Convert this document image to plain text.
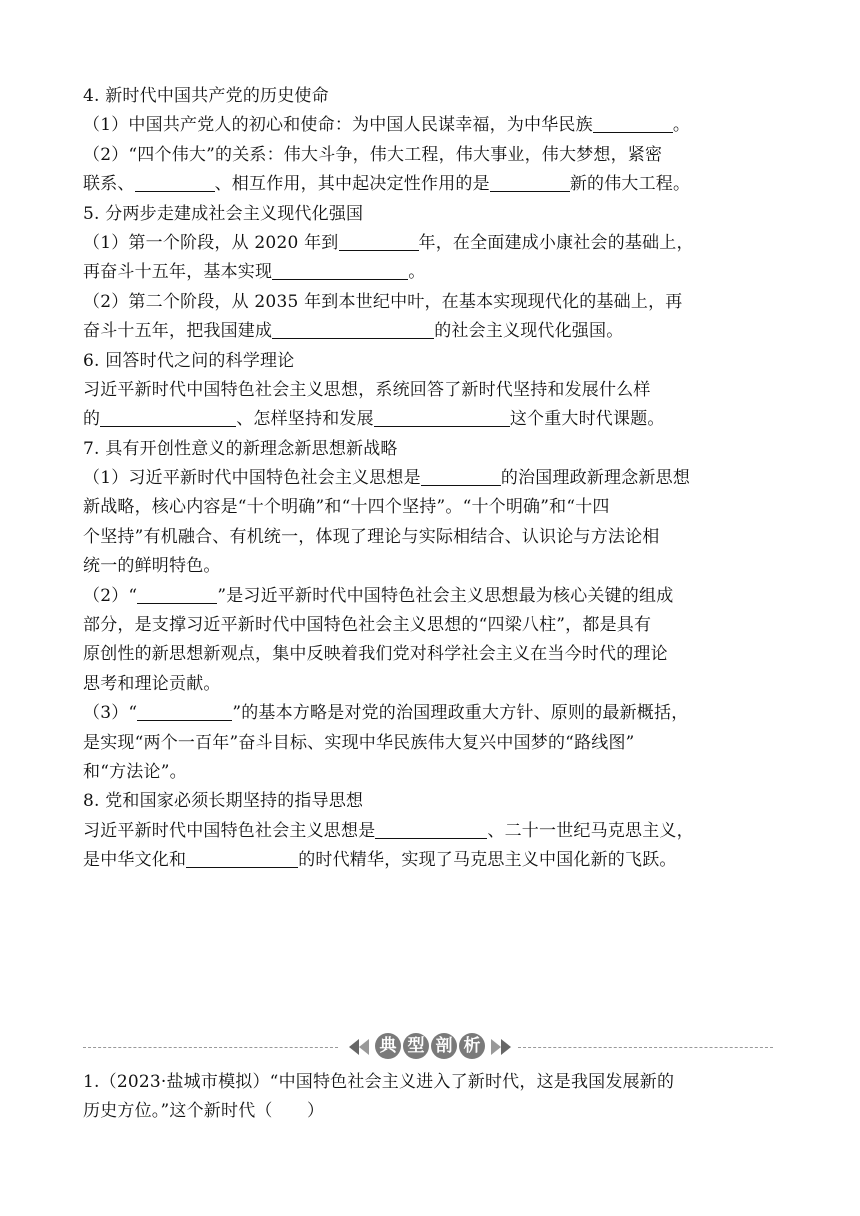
4. 新时代中国共产党的历史使命
（1）中国共产党人的初心和使命：为中国人民谋幸福，为中华民族	。
（2）“四个伟大”的关系：伟大斗争，伟大工程，伟大事业，伟大梦想，紧密
联系、	、相互作用，其中起决定性作用的是	新的伟大工程。
5. 分两步走建成社会主义现代化强国
（1）第一个阶段，从 2020 年到	年，在全面建成小康社会的基础上，
再奋斗十五年，基本实现	。
（2）第二个阶段，从 2035 年到本世纪中叶，在基本实现现代化的基础上，再
奋斗十五年，把我国建成	的社会主义现代化强国。
6. 回答时代之问的科学理论
习近平新时代中国特色社会主义思想，系统回答了新时代坚持和发展什么样
的	、怎样坚持和发展	这个重大时代课题。
7. 具有开创性意义的新理念新思想新战略
（1）习近平新时代中国特色社会主义思想是	的治国理政新理念新思想
新战略，核心内容是“十个明确”和“十四个坚持”。“十个明确”和“十四
个坚持”有机融合、有机统一，体现了理论与实际相结合、认识论与方法论相
统一的鲜明特色。
（2）“	”是习近平新时代中国特色社会主义思想最为核心关键的组成
部分，是支撑习近平新时代中国特色社会主义思想的“四梁八柱”，都是具有
原创性的新思想新观点，集中反映着我们党对科学社会主义在当今时代的理论
思考和理论贡献。
（3）“	”的基本方略是对党的治国理政重大方针、原则的最新概括，
是实现“两个一百年”奋斗目标、实现中华民族伟大复兴中国梦的“路线图”
和“方法论”。
8. 党和国家必须长期坚持的指导思想
习近平新时代中国特色社会主义思想是	、二十一世纪马克思主义，
是中华文化和	的时代精华，实现了马克思主义中国化新的飞跃。
典 型 剖 析
1.（2023·盐城市模拟）“中国特色社会主义进入了新时代，这是我国发展新的
历史方位。”这个新时代（　　）
